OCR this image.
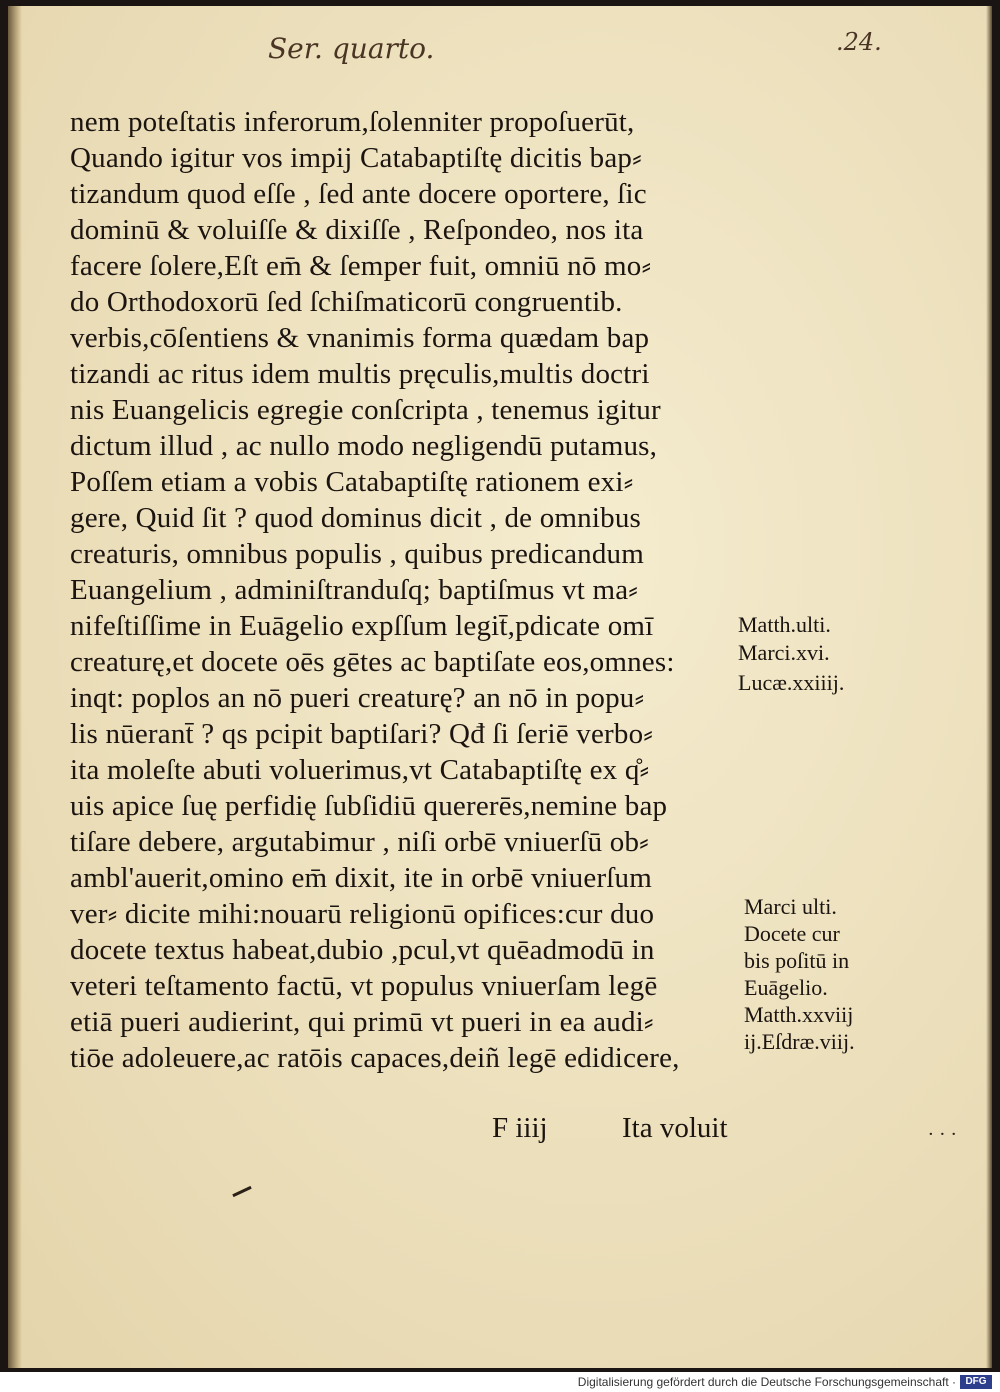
Ser. quarto.	.24.
nem poteſtatis inferorum,ſolenniter propoſuerūt,
Quando igitur vos impij Catabaptiſtę dicitis bap⸗
tizandum quod eſſe , ſed ante docere oportere, ſic
dominū & voluiſſe & dixiſſe , Reſpondeo, nos ita
facere ſolere,Eſt em̄ & ſemper fuit, omniū nō mo⸗
do Orthodoxorū ſed ſchiſmaticorū congruentib.
verbis,cōſentiens & vnanimis forma quædam bap
tizandi ac ritus idem multis pręculis,multis doctri
nis Euangelicis egregie conſcripta , tenemus igitur
dictum illud , ac nullo modo negligendū putamus,
Poſſem etiam a vobis Catabaptiſtę rationem exi⸗
gere, Quid ſit ? quod dominus dicit , de omnibus
creaturis, omnibus populis , quibus predicandum
Euangelium , adminiſtranduſq; baptiſmus vt ma⸗
nifeſtiſſime in Euāgelio expſſum legit̄,pdicate omī
creaturę,et docete oēs gētes ac baptiſate eos,omnes:
inqt: poplos an nō pueri creaturę? an nō in popu⸗
lis nūerant̄ ? qs pcipit baptiſari? Qđ ſi ſeriē verbo⸗
ita moleſte abuti voluerimus,vt Catabaptiſtę ex q̊⸗
uis apice ſuę perfidię ſubſidiū quererēs,nemine bap
tiſare debere, argutabimur , niſi orbē vniuerſū ob⸗
ambl'auerit,omino em̄ dixit, ite in orbē vniuerſum
ver⸗ dicite mihi:nouarū religionū opifices:cur duo
docete textus habeat,dubio ,pcul,vt quēadmodū in
veteri teſtamento factū, vt populus vniuerſam legē
etiā pueri audierint, qui primū vt pueri in ea audi⸗
tiōe adoleuere,ac ratōis capaces,deiñ legē edidicere,
Matth.ulti.
Marci.xvi.
Lucæ.xxiiij.
Marci ulti.
Docete cur
bis poſitū in
Euāgelio.
Matth.xxviij
ij.Eſdræ.viij.
F iiij	Ita voluit	· · ·
Digitalisierung gefördert durch die Deutsche Forschungsgemeinschaft · DFG
